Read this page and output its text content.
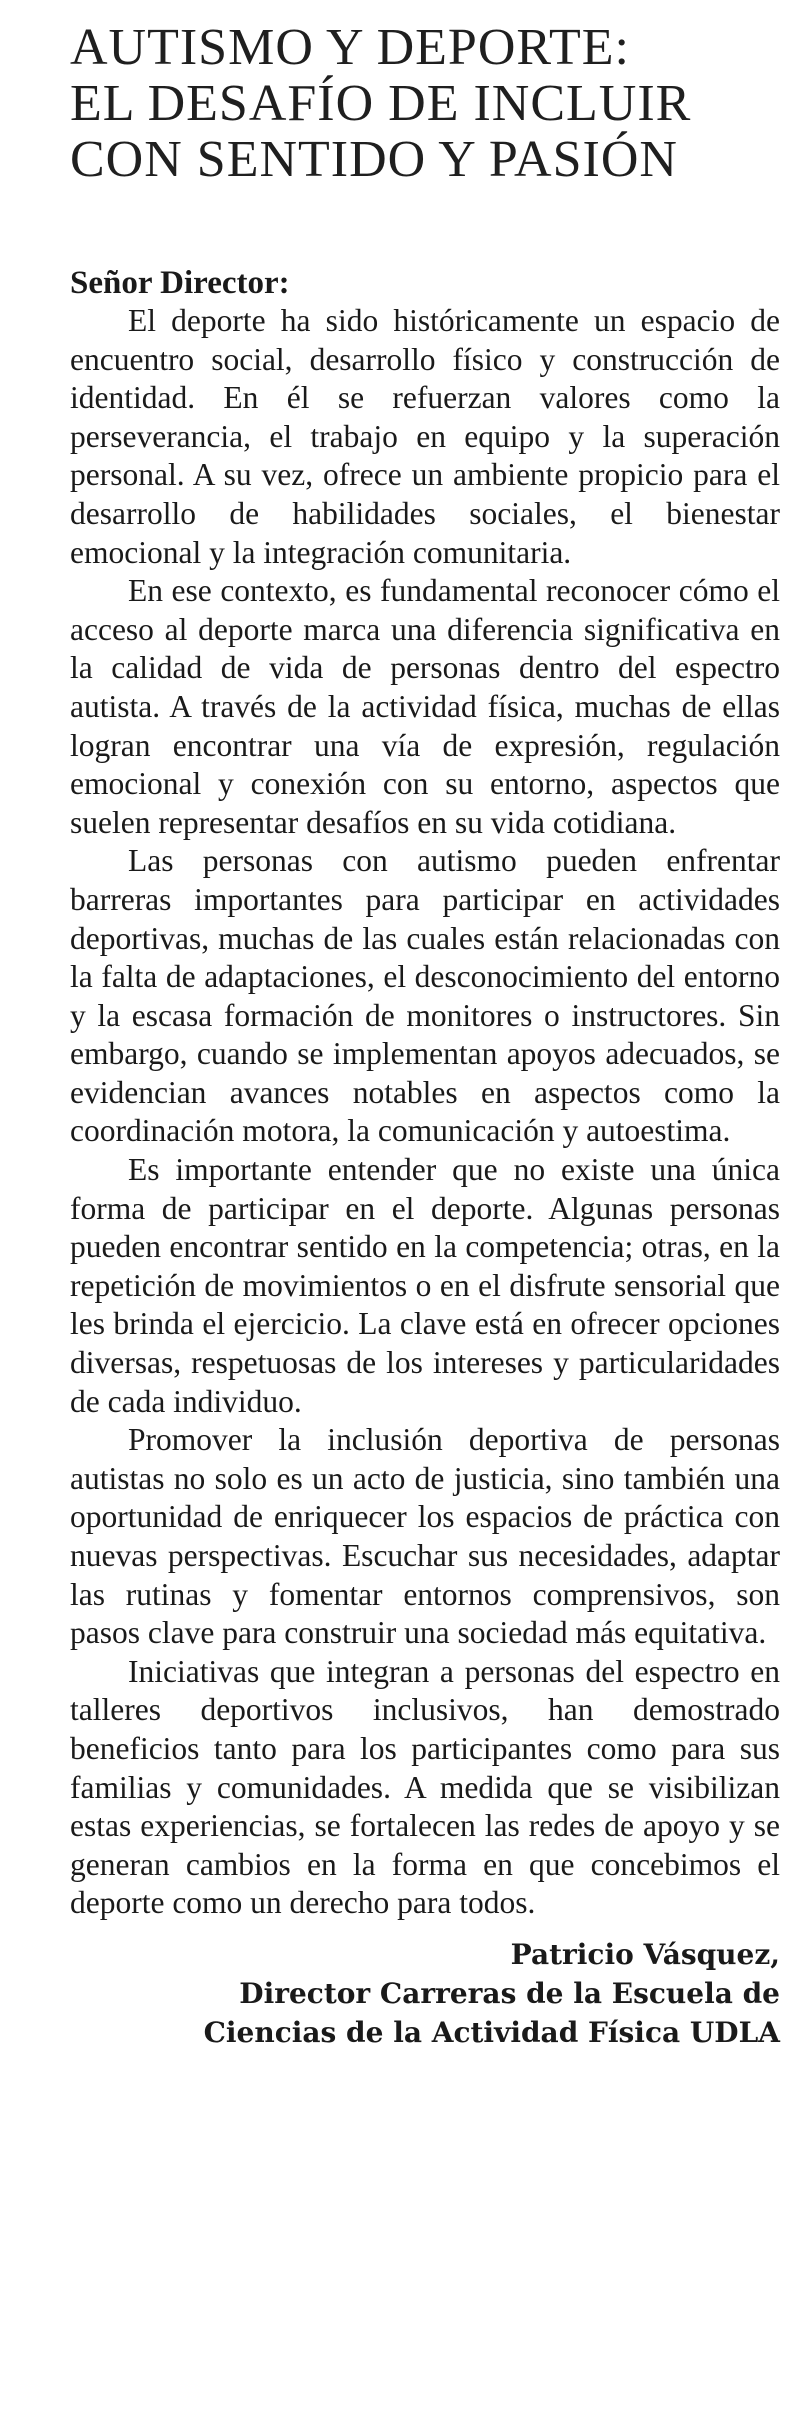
AUTISMO Y DEPORTE:
EL DESAFÍO DE INCLUIR
CON SENTIDO Y PASIÓN
Señor Director:

El deporte ha sido históricamente un espacio de encuentro social, desarrollo físico y construcción de identidad. En él se refuerzan valores como la perseverancia, el trabajo en equipo y la superación personal. A su vez, ofrece un ambiente propicio para el desarrollo de habilidades sociales, el bienestar emocional y la integración comunitaria.

En ese contexto, es fundamental reconocer cómo el acceso al deporte marca una diferencia significativa en la calidad de vida de personas dentro del espectro autista. A través de la actividad física, muchas de ellas logran encontrar una vía de expresión, regulación emocional y conexión con su entorno, aspectos que suelen representar desafíos en su vida cotidiana.

Las personas con autismo pueden enfrentar barreras importantes para participar en actividades deportivas, muchas de las cuales están relacionadas con la falta de adaptaciones, el desconocimiento del entorno y la escasa formación de monitores o instructores. Sin embargo, cuando se implementan apoyos adecuados, se evidencian avances notables en aspectos como la coordinación motora, la comunicación y autoestima.

Es importante entender que no existe una única forma de participar en el deporte. Algunas personas pueden encontrar sentido en la competencia; otras, en la repetición de movimientos o en el disfrute sensorial que les brinda el ejercicio. La clave está en ofrecer opciones diversas, respetuosas de los intereses y particularidades de cada individuo.

Promover la inclusión deportiva de personas autistas no solo es un acto de justicia, sino también una oportunidad de enriquecer los espacios de práctica con nuevas perspectivas. Escuchar sus necesidades, adaptar las rutinas y fomentar entornos comprensivos, son pasos clave para construir una sociedad más equitativa.

Iniciativas que integran a personas del espectro en talleres deportivos inclusivos, han demostrado beneficios tanto para los participantes como para sus familias y comunidades. A medida que se visibilizan estas experiencias, se fortalecen las redes de apoyo y se generan cambios en la forma en que concebimos el deporte como un derecho para todos.

Patricio Vásquez,
Director Carreras de la Escuela de
Ciencias de la Actividad Física UDLA
